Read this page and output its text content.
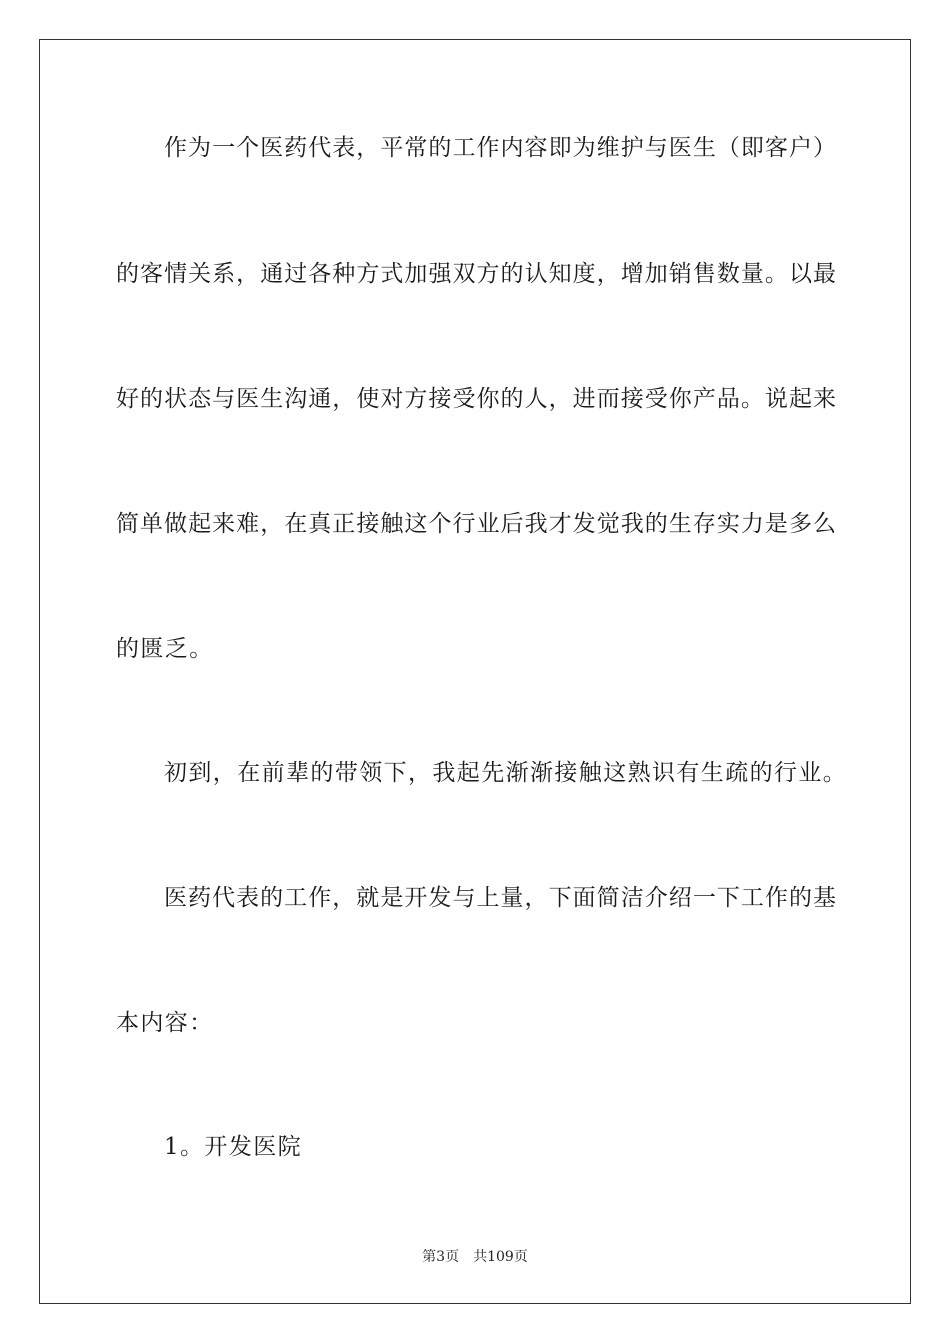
作为一个医药代表，平常的工作内容即为维护与医生（即客户）
的客情关系，通过各种方式加强双方的认知度，增加销售数量。以最
好的状态与医生沟通，使对方接受你的人，进而接受你产品。说起来
简单做起来难，在真正接触这个行业后我才发觉我的生存实力是多么
的匮乏。
初到，在前辈的带领下，我起先渐渐接触这熟识有生疏的行业。
医药代表的工作，就是开发与上量，下面简洁介绍一下工作的基
本内容：
1。开发医院
第3页 共109页
